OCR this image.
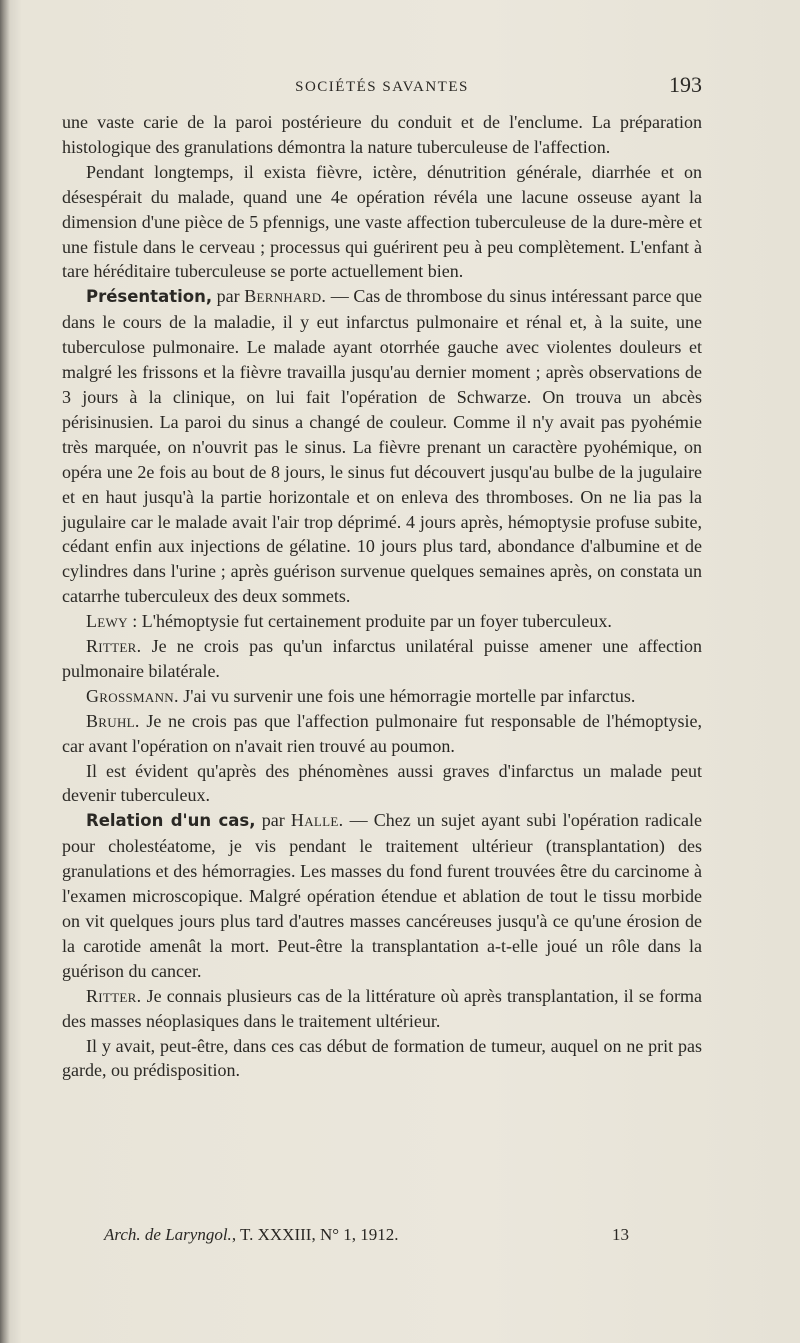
SOCIÉTÉS SAVANTES	193

une vaste carie de la paroi postérieure du conduit et de l'enclume. La préparation histologique des granulations démontra la nature tuberculeuse de l'affection.

Pendant longtemps, il exista fièvre, ictère, dénutrition générale, diarrhée et on désespérait du malade, quand une 4e opération révéla une lacune osseuse ayant la dimension d'une pièce de 5 pfennigs, une vaste affection tuberculeuse de la dure-mère et une fistule dans le cerveau ; processus qui guérirent peu à peu complètement. L'enfant à tare héréditaire tuberculeuse se porte actuellement bien.

Présentation, par Bernhard. — Cas de thrombose du sinus intéressant parce que dans le cours de la maladie, il y eut infarctus pulmonaire et rénal et, à la suite, une tuberculose pulmonaire. Le malade ayant otorrhée gauche avec violentes douleurs et malgré les frissons et la fièvre travailla jusqu'au dernier moment ; après observations de 3 jours à la clinique, on lui fait l'opération de Schwarze. On trouva un abcès périsinusien. La paroi du sinus a changé de couleur. Comme il n'y avait pas pyohémie très marquée, on n'ouvrit pas le sinus. La fièvre prenant un caractère pyohémique, on opéra une 2e fois au bout de 8 jours, le sinus fut découvert jusqu'au bulbe de la jugulaire et en haut jusqu'à la partie horizontale et on enleva des thromboses. On ne lia pas la jugulaire car le malade avait l'air trop déprimé. 4 jours après, hémoptysie profuse subite, cédant enfin aux injections de gélatine. 10 jours plus tard, abondance d'albumine et de cylindres dans l'urine ; après guérison survenue quelques semaines après, on constata un catarrhe tuberculeux des deux sommets.

Lewy : L'hémoptysie fut certainement produite par un foyer tuberculeux.

Ritter. Je ne crois pas qu'un infarctus unilatéral puisse amener une affection pulmonaire bilatérale.

Grossmann. J'ai vu survenir une fois une hémorragie mortelle par infarctus.

Bruhl. Je ne crois pas que l'affection pulmonaire fut responsable de l'hémoptysie, car avant l'opération on n'avait rien trouvé au poumon.

Il est évident qu'après des phénomènes aussi graves d'infarctus un malade peut devenir tuberculeux.

Relation d'un cas, par Halle. — Chez un sujet ayant subi l'opération radicale pour cholestéatome, je vis pendant le traitement ultérieur (transplantation) des granulations et des hémorragies. Les masses du fond furent trouvées être du carcinome à l'examen microscopique. Malgré opération étendue et ablation de tout le tissu morbide on vit quelques jours plus tard d'autres masses cancéreuses jusqu'à ce qu'une érosion de la carotide amenât la mort. Peut-être la transplantation a-t-elle joué un rôle dans la guérison du cancer.

Ritter. Je connais plusieurs cas de la littérature où après transplantation, il se forma des masses néoplasiques dans le traitement ultérieur.

Il y avait, peut-être, dans ces cas début de formation de tumeur, auquel on ne prit pas garde, ou prédisposition.

Arch. de Laryngol., T. XXXIII, N° 1, 1912.	13
